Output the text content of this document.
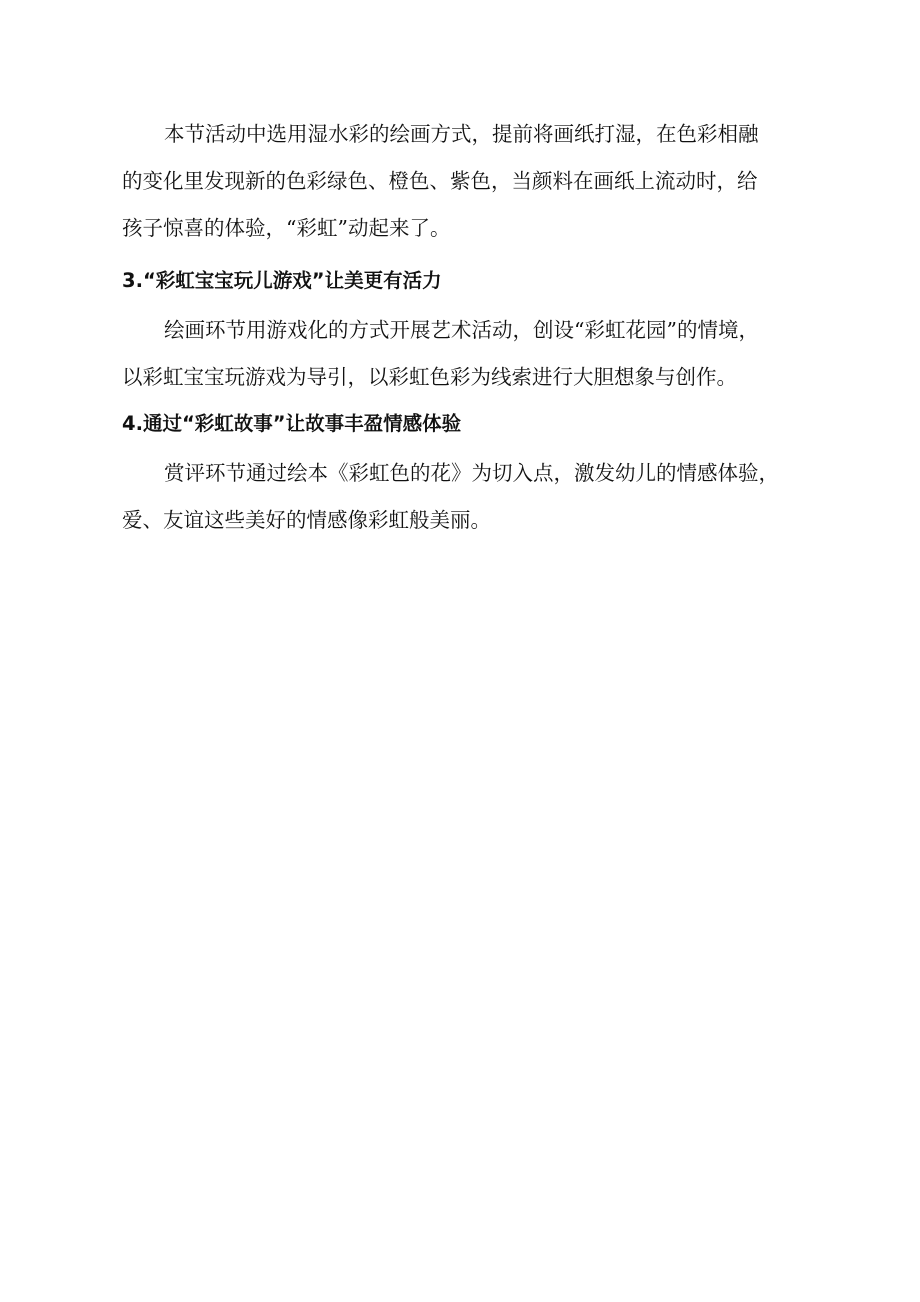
本节活动中选用湿水彩的绘画方式，提前将画纸打湿，在色彩相融
的变化里发现新的色彩绿色、橙色、紫色，当颜料在画纸上流动时，给
孩子惊喜的体验，“彩虹”动起来了。
3.“彩虹宝宝玩儿游戏”让美更有活力
绘画环节用游戏化的方式开展艺术活动，创设“彩虹花园”的情境，
以彩虹宝宝玩游戏为导引，以彩虹色彩为线索进行大胆想象与创作。
4.通过“彩虹故事”让故事丰盈情感体验
赏评环节通过绘本《彩虹色的花》为切入点，激发幼儿的情感体验，
爱、友谊这些美好的情感像彩虹般美丽。
